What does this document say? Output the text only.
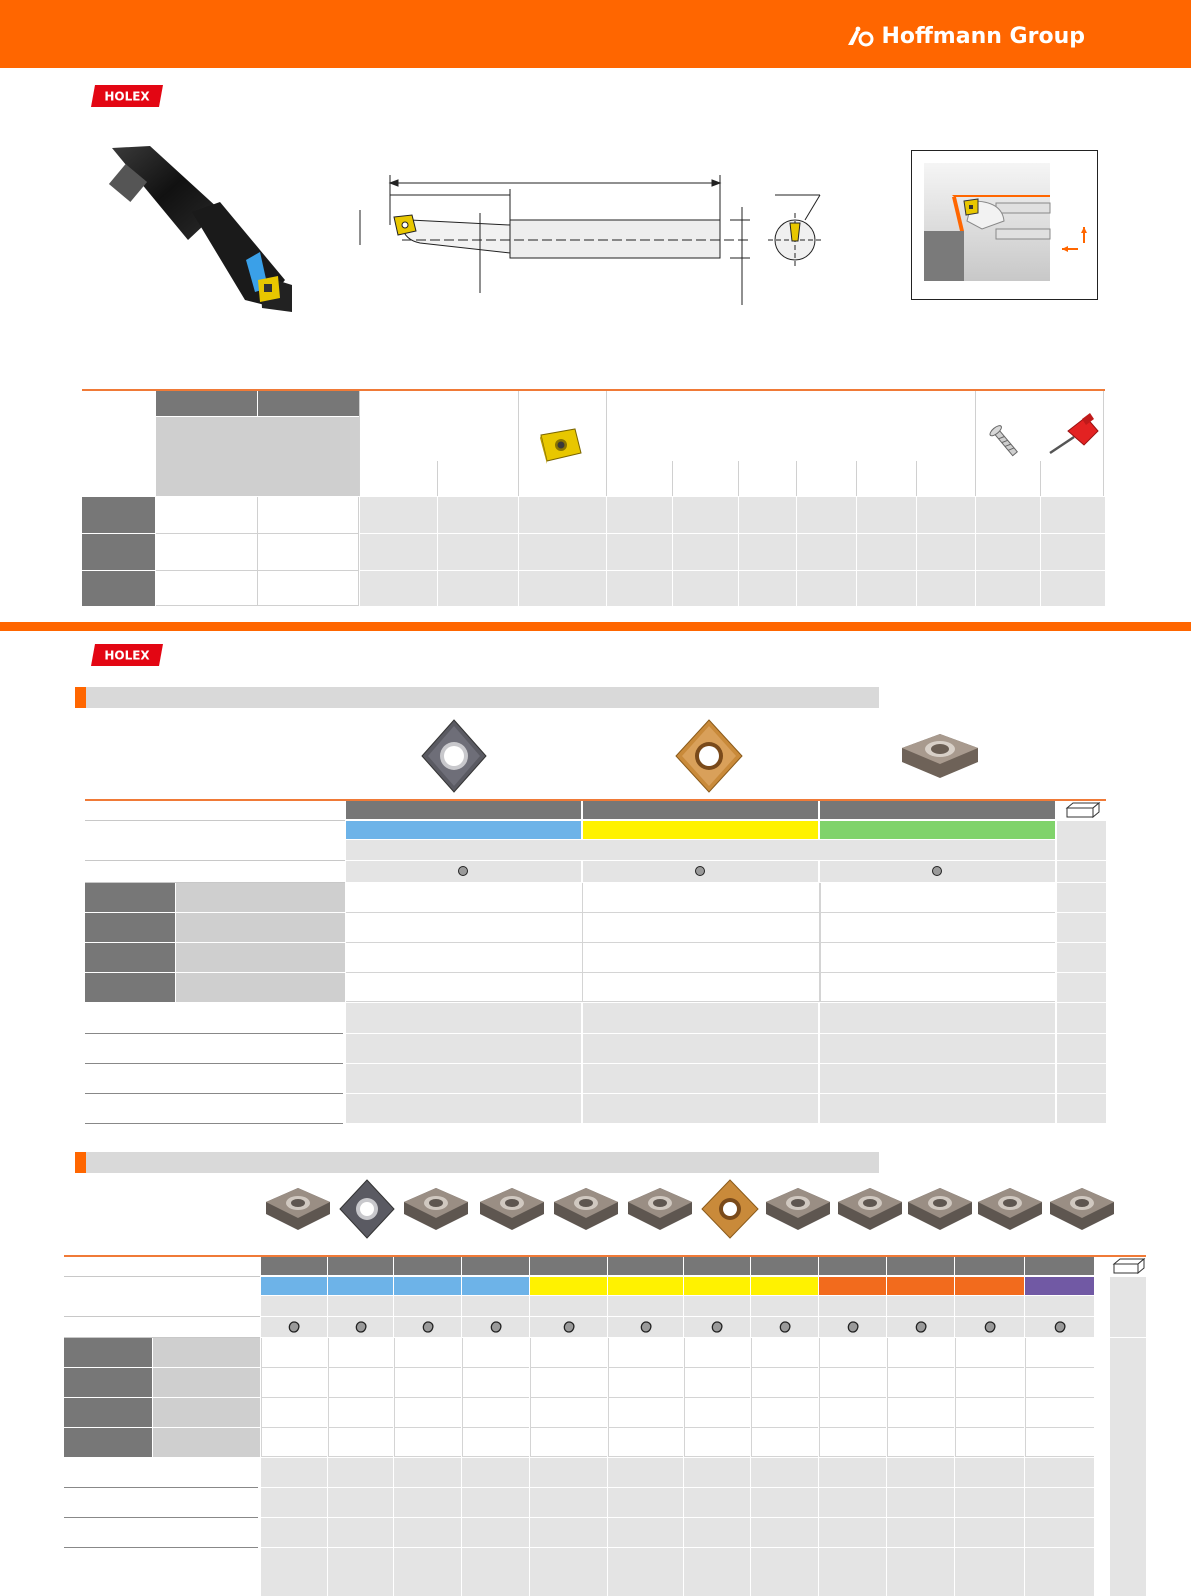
Hoffmann Group
HOLEX
HOLEX
